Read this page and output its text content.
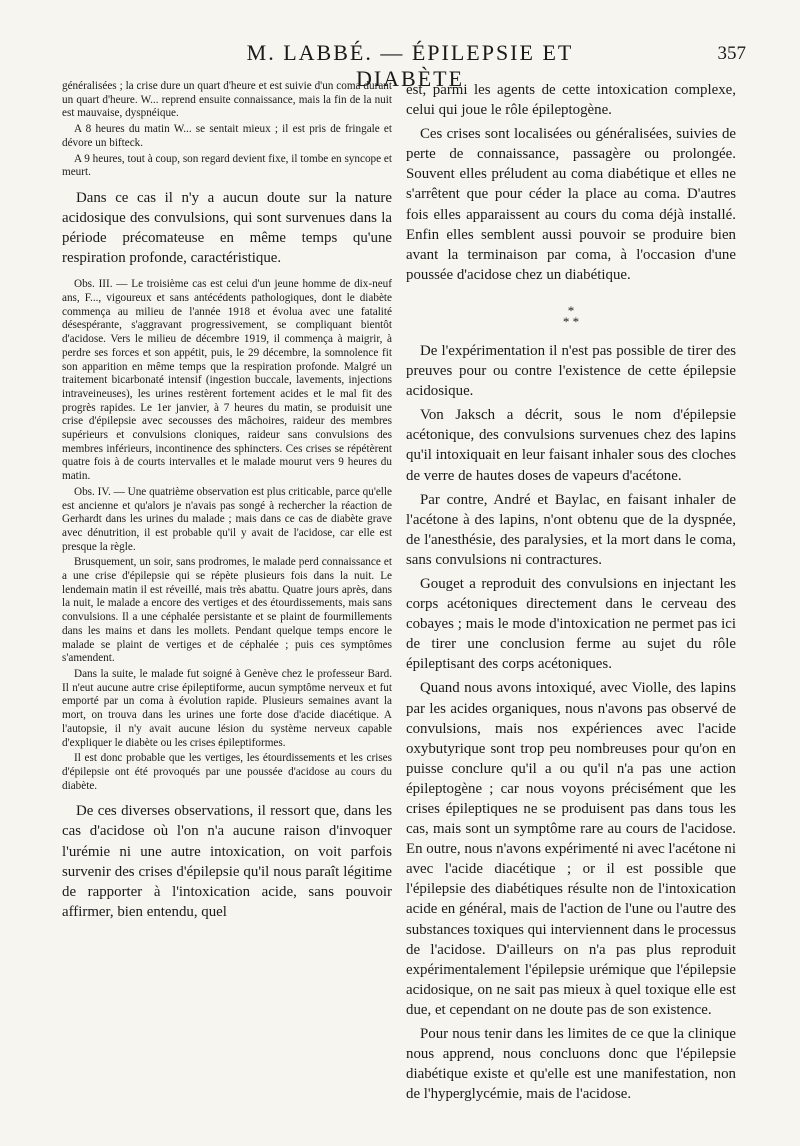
M. LABBÉ. — ÉPILEPSIE ET DIABÈTE
357

généralisées ; la crise dure un quart d'heure et est suivie d'un coma durant un quart d'heure. W... reprend ensuite connaissance, mais la fin de la nuit est mauvaise, dyspnéique.

A 8 heures du matin W... se sentait mieux ; il est pris de fringale et dévore un bifteck.

A 9 heures, tout à coup, son regard devient fixe, il tombe en syncope et meurt.

Dans ce cas il n'y a aucun doute sur la nature acidosique des convulsions, qui sont survenues dans la période précomateuse en même temps qu'une respiration profonde, caractéristique.

Obs. III. — Le troisième cas est celui d'un jeune homme de dix-neuf ans, F..., vigoureux et sans antécédents pathologiques, dont le diabète commença au milieu de l'année 1918 et évolua avec une fatalité désespérante, s'aggravant progressivement, se compliquant bientôt d'acidose. Vers le milieu de décembre 1919, il commença à maigrir, à perdre ses forces et son appétit, puis, le 29 décembre, la somnolence fit son apparition en même temps que la respiration profonde. Malgré un traitement bicarbonaté intensif (ingestion buccale, lavements, injections intraveineuses), les urines restèrent fortement acides et le mal fit des progrès rapides. Le 1er janvier, à 7 heures du matin, se produisit une crise d'épilepsie avec secousses des mâchoires, raideur des membres supérieurs et convulsions cloniques, raideur sans convulsions des membres inférieurs, incontinence des sphincters. Ces crises se répétèrent quatre fois à de courts intervalles et le malade mourut vers 9 heures du matin.

Obs. IV. — Une quatrième observation est plus criticable, parce qu'elle est ancienne et qu'alors je n'avais pas songé à rechercher la réaction de Gerhardt dans les urines du malade ; mais dans ce cas de diabète grave avec dénutrition, il est probable qu'il y avait de l'acidose, car elle est presque la règle.

Brusquement, un soir, sans prodromes, le malade perd connaissance et a une crise d'épilepsie qui se répète plusieurs fois dans la nuit. Le lendemain matin il est réveillé, mais très abattu. Quatre jours après, dans la nuit, le malade a encore des vertiges et des étourdissements, mais sans convulsions. Il a une céphalée persistante et se plaint de fourmillements dans les mains et dans les mollets. Pendant quelque temps encore le malade se plaint de vertiges et de céphalée ; puis ces symptômes s'amendent.

Dans la suite, le malade fut soigné à Genève chez le professeur Bard. Il n'eut aucune autre crise épileptiforme, aucun symptôme nerveux et fut emporté par un coma à évolution rapide. Plusieurs semaines avant la mort, on trouva dans les urines une forte dose d'acide diacétique. A l'autopsie, il n'y avait aucune lésion du système nerveux capable d'expliquer le diabète ou les crises épileptiformes.

Il est donc probable que les vertiges, les étourdissements et les crises d'épilepsie ont été provoqués par une poussée d'acidose au cours du diabète.

De ces diverses observations, il ressort que, dans les cas d'acidose où l'on n'a aucune raison d'invoquer l'urémie ni une autre intoxication, on voit parfois survenir des crises d'épilepsie qu'il nous paraît légitime de rapporter à l'intoxication acide, sans pouvoir affirmer, bien entendu, quel

est, parmi les agents de cette intoxication complexe, celui qui joue le rôle épileptogène.

Ces crises sont localisées ou généralisées, suivies de perte de connaissance, passagère ou prolongée. Souvent elles préludent au coma diabétique et elles ne s'arrêtent que pour céder la place au coma. D'autres fois elles apparaissent au cours du coma déjà installé. Enfin elles semblent aussi pouvoir se produire bien avant la terminaison par coma, à l'occasion d'une poussée d'acidose chez un diabétique.

*
* *

De l'expérimentation il n'est pas possible de tirer des preuves pour ou contre l'existence de cette épilepsie acidosique.

Von Jaksch a décrit, sous le nom d'épilepsie acétonique, des convulsions survenues chez des lapins qu'il intoxiquait en leur faisant inhaler sous des cloches de verre de hautes doses de vapeurs d'acétone.

Par contre, André et Baylac, en faisant inhaler de l'acétone à des lapins, n'ont obtenu que de la dyspnée, de l'anesthésie, des paralysies, et la mort dans le coma, sans convulsions ni contractures.

Gouget a reproduit des convulsions en injectant les corps acétoniques directement dans le cerveau des cobayes ; mais le mode d'intoxication ne permet pas ici de tirer une conclusion ferme au sujet du rôle épileptisant des corps acétoniques.

Quand nous avons intoxiqué, avec Violle, des lapins par les acides organiques, nous n'avons pas observé de convulsions, mais nos expériences avec l'acide oxybutyrique sont trop peu nombreuses pour qu'on en puisse conclure qu'il a ou qu'il n'a pas une action épileptogène ; car nous voyons précisément que les crises épileptiques ne se produisent pas dans tous les cas, mais sont un symptôme rare au cours de l'acidose. En outre, nous n'avons expérimenté ni avec l'acétone ni avec l'acide diacétique ; or il est possible que l'épilepsie des diabétiques résulte non de l'intoxication acide en général, mais de l'action de l'une ou l'autre des substances toxiques qui interviennent dans le processus de l'acidose. D'ailleurs on n'a pas plus reproduit expérimentalement l'épilepsie urémique que l'épilepsie acidosique, on ne sait pas mieux à quel toxique elle est due, et cependant on ne doute pas de son existence.

Pour nous tenir dans les limites de ce que la clinique nous apprend, nous concluons donc que l'épilepsie diabétique existe et qu'elle est une manifestation, non de l'hyperglycémie, mais de l'acidose.
